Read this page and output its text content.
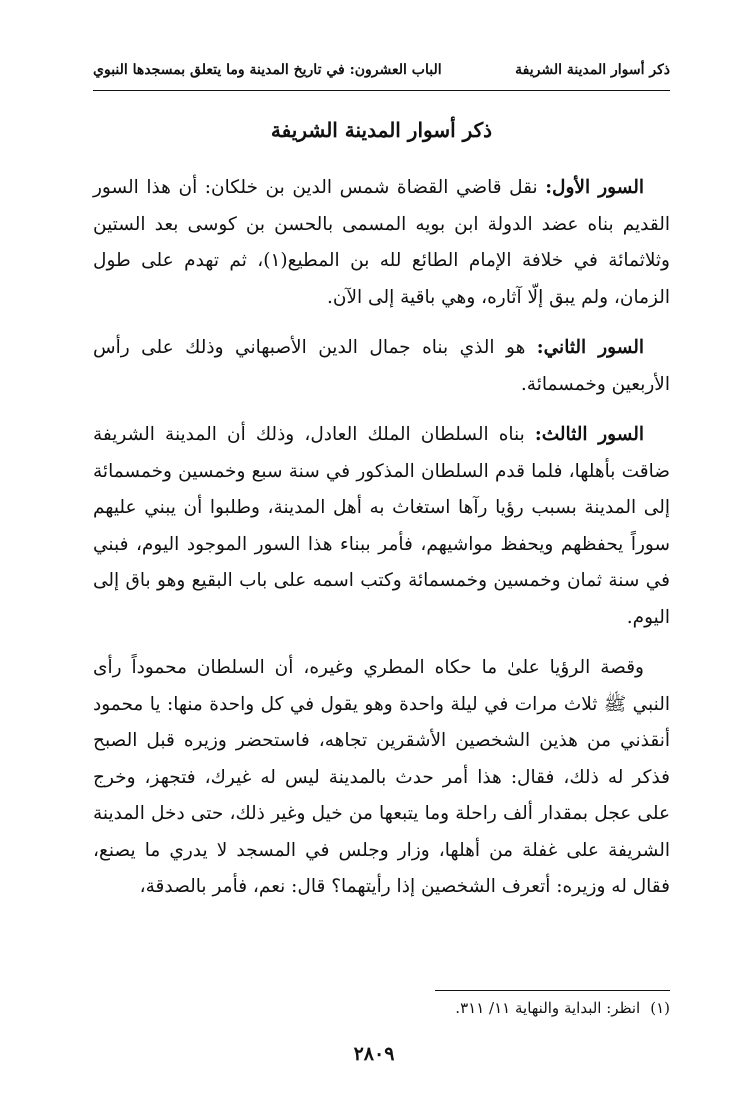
ذكر أسوار المدينة الشريفة
الباب العشرون: في تاريخ المدينة وما يتعلق بمسجدها النبوي
ذكر أسوار المدينة الشريفة

السور الأول: نقل قاضي القضاة شمس الدين بن خلكان: أن هذا السور القديم بناه عضد الدولة ابن بويه المسمى بالحسن بن كوسى بعد الستين وثلاثمائة في خلافة الإمام الطائع لله بن المطيع(١)، ثم تهدم على طول الزمان، ولم يبق إلّا آثاره، وهي باقية إلى الآن.

السور الثاني: هو الذي بناه جمال الدين الأصبهاني وذلك على رأس الأربعين وخمسمائة.

السور الثالث: بناه السلطان الملك العادل، وذلك أن المدينة الشريفة ضاقت بأهلها، فلما قدم السلطان المذكور في سنة سبع وخمسين وخمسمائة إلى المدينة بسبب رؤيا رآها استغاث به أهل المدينة، وطلبوا أن يبني عليهم سوراً يحفظهم ويحفظ مواشيهم، فأمر ببناء هذا السور الموجود اليوم، فبني في سنة ثمان وخمسين وخمسمائة وكتب اسمه على باب البقيع وهو باق إلى اليوم.

وقصة الرؤيا علىٰ ما حكاه المطري وغيره، أن السلطان محموداً رأى النبي ﷺ ثلاث مرات في ليلة واحدة وهو يقول في كل واحدة منها: يا محمود أنقذني من هذين الشخصين الأشقرين تجاهه، فاستحضر وزيره قبل الصبح فذكر له ذلك، فقال: هذا أمر حدث بالمدينة ليس له غيرك، فتجهز، وخرج على عجل بمقدار ألف راحلة وما يتبعها من خيل وغير ذلك، حتى دخل المدينة الشريفة على غفلة من أهلها، وزار وجلس في المسجد لا يدري ما يصنع، فقال له وزيره: أتعرف الشخصين إذا رأيتهما؟ قال: نعم، فأمر بالصدقة،

(١)انظر: البداية والنهاية ١١/ ٣١١.
٢٨٠٩
